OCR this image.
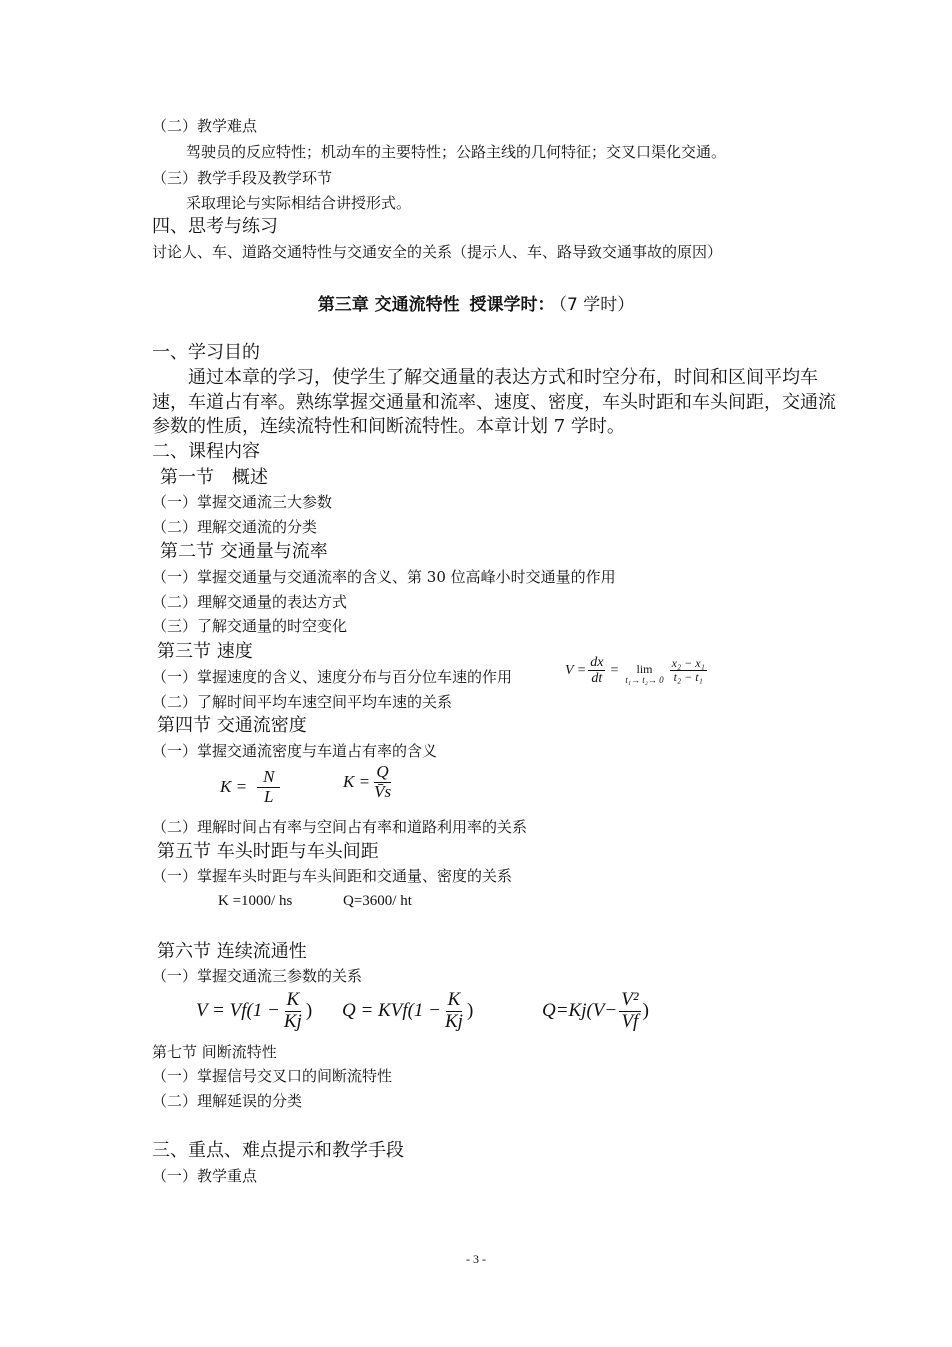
（二）教学难点
驾驶员的反应特性；机动车的主要特性；公路主线的几何特征；交叉口渠化交通。
（三）教学手段及教学环节
采取理论与实际相结合讲授形式。
四、思考与练习
讨论人、车、道路交通特性与交通安全的关系（提示人、车、路导致交通事故的原因）
第三章 交通流特性 授课学时： （7 学时）
一、学习目的
通过本章的学习，使学生了解交通量的表达方式和时空分布，时间和区间平均车速，车道占有率。熟练掌握交通量和流率、速度、密度，车头时距和车头间距，交通流参数的性质，连续流特性和间断流特性。本章计划 7 学时。
二、课程内容
第一节　概述
（一）掌握交通流三大参数
（二）理解交通流的分类
第二节 交通量与流率
（一）掌握交通量与交通流率的含义、第 30 位高峰小时交通量的作用
（二）理解交通量的表达方式
（三）了解交通量的时空变化
第三节 速度
（一）掌握速度的含义、速度分布与百分位车速的作用	$V = \frac{dx}{dt} = \lim$
$t_1\to t_2\to 0 \frac{\text{x₂ − x₁}}{\text{t₂ − t₁}}$
（二）了解时间平均车速空间平均车速的关系
第四节 交通流密度
（一）掌握交通流密度与车道占有率的含义
$K = \frac{N}{L}$	$K = \frac{Q}{V̄s}$
（二）理解时间占有率与空间占有率和道路利用率的关系
第五节 车头时距与车头间距
（一）掌握车头时距与车头间距和交通量、密度的关系
K =1000/ hs	Q=3600/ ht
第六节 连续流通性
（一）掌握交通流三参数的关系
$V = Vf(1 - \frac{K}{Kj}$ ) $Q = KVf(1 - \frac{K}{Kj}$ )	$Q=Kj(V- \frac{\text{V²}}{Vf}$ )
第七节 间断流特性
（一）掌握信号交叉口的间断流特性
（二）理解延误的分类
三、重点、难点提示和教学手段
（一）教学重点
- 3 -
